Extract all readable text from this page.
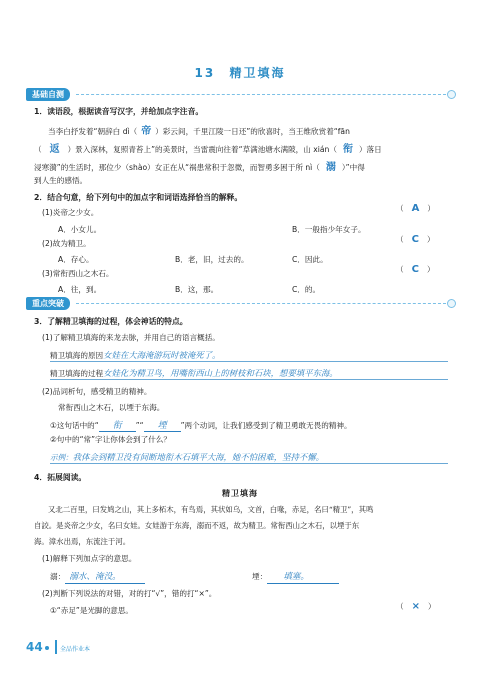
13 精卫填海
基础自测
1．读语段，根据读音写汉字，并给加点字注音。
当李白抒发着“朝辞白 dì（ 帝 ）彩云间，千里江陵一日还”的欣喜时，当王维欣赏着“fān
（ 返 ）景入深林，复照青苔上”的美景时，当雷震向往着“草满池塘水满陂，山 xián（ 衔 ）落日
浸寒漪”的生活时，那位少（shào）女正在从“祸患常积于忽微，而智勇多困于所 nì（ 溺 ）”中得
到人生的感悟。
2．结合句意，给下列句中的加点字和词语选择恰当的解释。
(1)炎帝之少女。	（ A ）
A．小女儿。	B．一般指少年女子。
(2)故为精卫。	（ C ）
A．存心。	B．老，旧，过去的。	C．因此。
(3)常衔西山之木石。	（ C ）
A．往，到。	B．这，那。	C．的。
重点突破
3．了解精卫填海的过程，体会神话的特点。
(1)了解精卫填海的来龙去脉，并用自己的语言概括。
精卫填海的原因女娃在大海淹游玩时被淹死了。
精卫填海的过程女娃化为精卫鸟，用嘴衔西山上的树枝和石块，想要填平东海。
(2)品词析句，感受精卫的精神。
常衔西山之木石，以堙于东海。
①这句话中的“ 衔 ”“ 堙 ”两个动词，让我们感受到了精卫勇敢无畏的精神。
②句中的“常”字让你体会到了什么？
示例：我体会到精卫没有间断地衔木石填平大海，她不怕困难，坚持不懈。
4．拓展阅读。
精卫填海
又北二百里，曰发鸠之山，其上多柘木，有鸟焉，其状如乌，文首，白喙，赤足，名曰“精卫”，其鸣
自詨。是炎帝之少女，名曰女娃。女娃游于东海，溺而不返，故为精卫。常衔西山之木石，以堙于东
海。漳水出焉，东流注于河。
(1)解释下列加点字的意思。
溺： 溺水、淹没。	堙： 填塞。
(2)判断下列说法的对错，对的打“√”，错的打“×”。
①“赤足”是光脚的意思。	（ × ）
44	全品作业本
